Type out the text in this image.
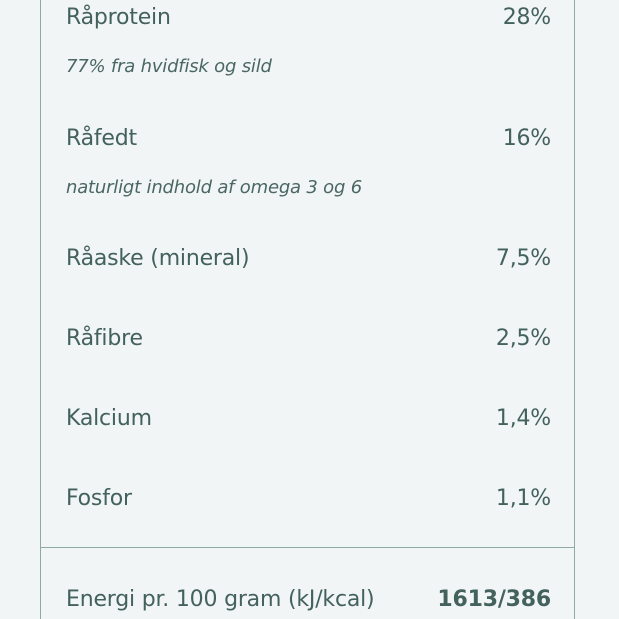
Råprotein	28%
77% fra hvidfisk og sild
Råfedt	16%
naturligt indhold af omega 3 og 6
Råaske (mineral)	7,5%
Råfibre	2,5%
Kalcium	1,4%
Fosfor	1,1%
Energi pr. 100 gram (kJ/kcal)	1613/386
